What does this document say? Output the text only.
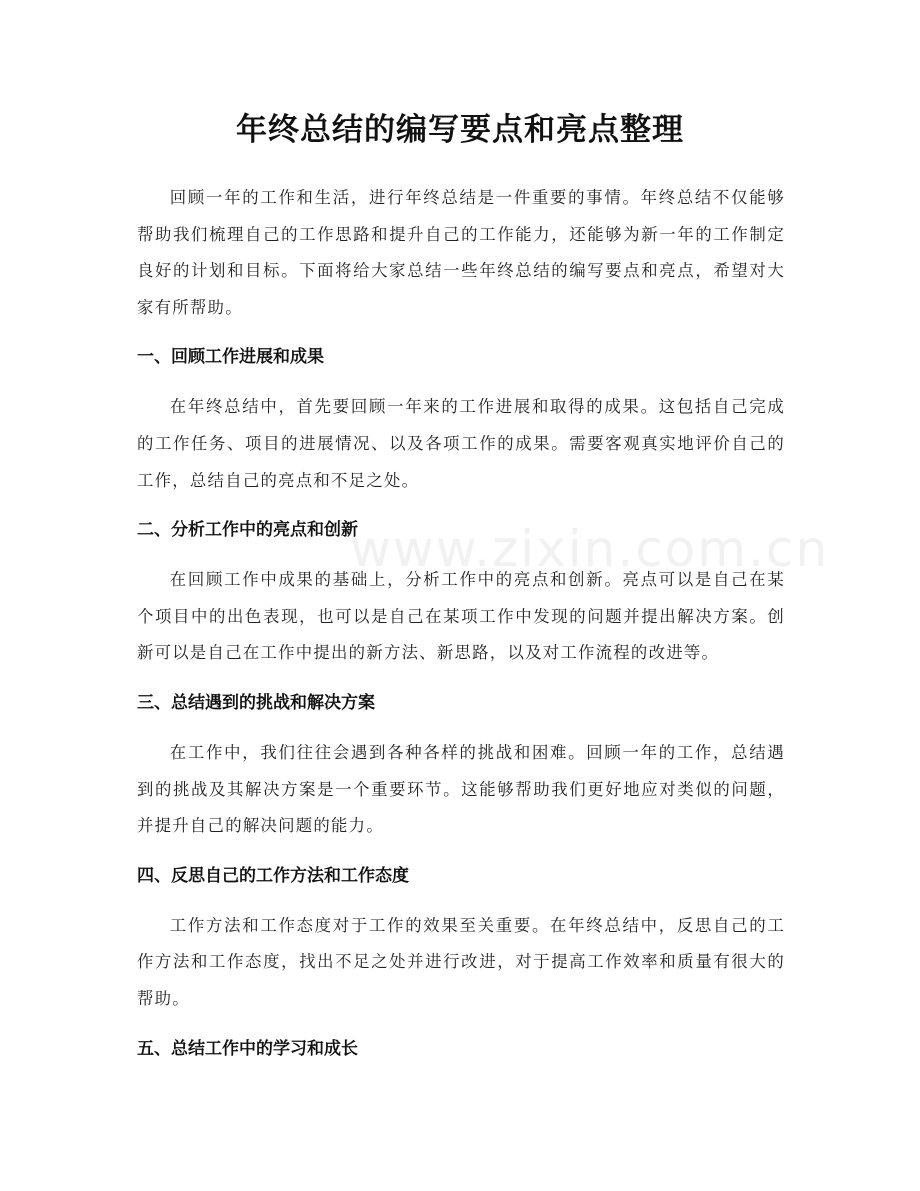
年终总结的编写要点和亮点整理

回顾一年的工作和生活，进行年终总结是一件重要的事情。年终总结不仅能够帮助我们梳理自己的工作思路和提升自己的工作能力，还能够为新一年的工作制定良好的计划和目标。下面将给大家总结一些年终总结的编写要点和亮点，希望对大家有所帮助。

一、回顾工作进展和成果

在年终总结中，首先要回顾一年来的工作进展和取得的成果。这包括自己完成的工作任务、项目的进展情况、以及各项工作的成果。需要客观真实地评价自己的工作，总结自己的亮点和不足之处。

二、分析工作中的亮点和创新

在回顾工作中成果的基础上，分析工作中的亮点和创新。亮点可以是自己在某个项目中的出色表现，也可以是自己在某项工作中发现的问题并提出解决方案。创新可以是自己在工作中提出的新方法、新思路，以及对工作流程的改进等。

三、总结遇到的挑战和解决方案

在工作中，我们往往会遇到各种各样的挑战和困难。回顾一年的工作，总结遇到的挑战及其解决方案是一个重要环节。这能够帮助我们更好地应对类似的问题，并提升自己的解决问题的能力。

四、反思自己的工作方法和工作态度

工作方法和工作态度对于工作的效果至关重要。在年终总结中，反思自己的工作方法和工作态度，找出不足之处并进行改进，对于提高工作效率和质量有很大的帮助。

五、总结工作中的学习和成长

www.zixin.com.cn
